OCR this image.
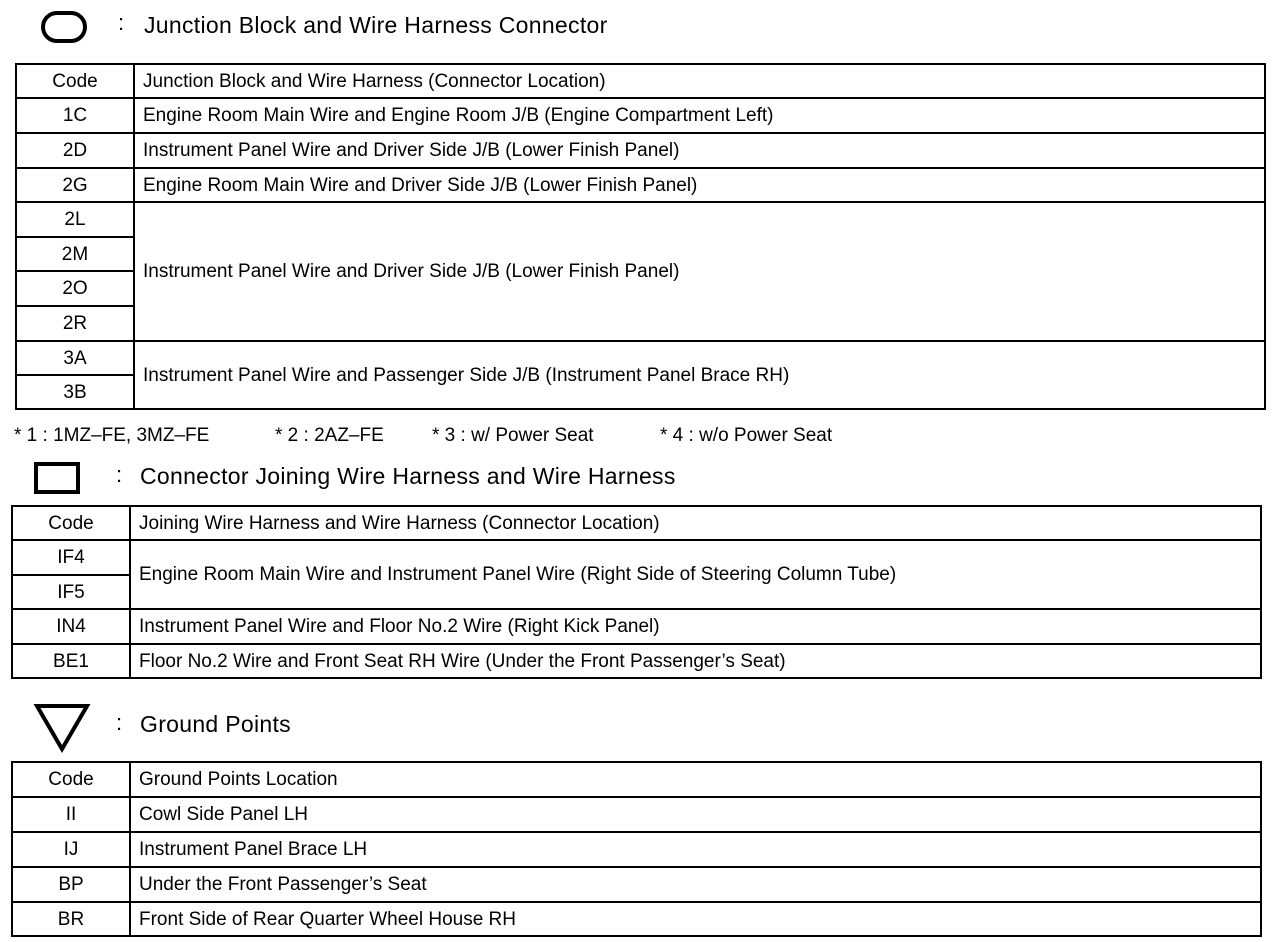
: Junction Block and Wire Harness Connector
Code	Junction Block and Wire Harness (Connector Location)
1C	Engine Room Main Wire and Engine Room J/B (Engine Compartment Left)
2D	Instrument Panel Wire and Driver Side J/B (Lower Finish Panel)
2G	Engine Room Main Wire and Driver Side J/B (Lower Finish Panel)
2L	Instrument Panel Wire and Driver Side J/B (Lower Finish Panel)
2M	
2O	
2R	
3A	Instrument Panel Wire and Passenger Side J/B (Instrument Panel Brace RH)
3B	
* 1 : 1MZ–FE, 3MZ–FE	* 2 : 2AZ–FE	* 3 : w/ Power Seat	* 4 : w/o Power Seat
: Connector Joining Wire Harness and Wire Harness
Code	Joining Wire Harness and Wire Harness (Connector Location)
IF4	Engine Room Main Wire and Instrument Panel Wire (Right Side of Steering Column Tube)
IF5	
IN4	Instrument Panel Wire and Floor No.2 Wire (Right Kick Panel)
BE1	Floor No.2 Wire and Front Seat RH Wire (Under the Front Passenger’s Seat)
: Ground Points
Code	Ground Points Location
II	Cowl Side Panel LH
IJ	Instrument Panel Brace LH
BP	Under the Front Passenger’s Seat
BR	Front Side of Rear Quarter Wheel House RH
